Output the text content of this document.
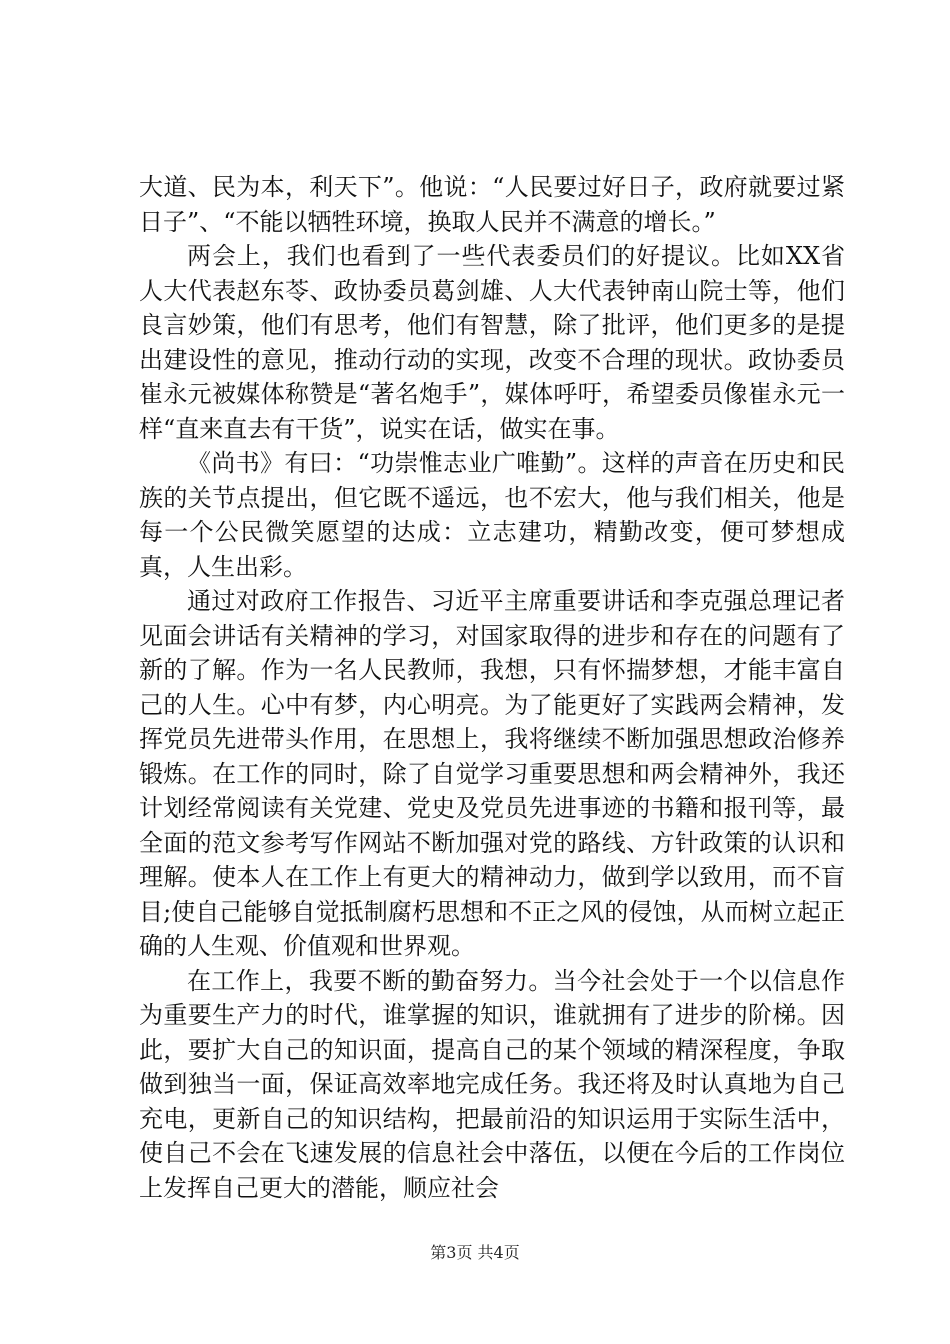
大道、民为本，利天下”。他说：“人民要过好日子，政府就要过紧日子”、“不能以牺牲环境，换取人民并不满意的增长。”

两会上，我们也看到了一些代表委员们的好提议。比如XX省人大代表赵东苓、政协委员葛剑雄、人大代表钟南山院士等，他们良言妙策，他们有思考，他们有智慧，除了批评，他们更多的是提出建设性的意见，推动行动的实现，改变不合理的现状。政协委员崔永元被媒体称赞是“著名炮手”，媒体呼吁，希望委员像崔永元一样“直来直去有干货”，说实在话，做实在事。

《尚书》有曰：“功崇惟志业广唯勤”。这样的声音在历史和民族的关节点提出，但它既不遥远，也不宏大，他与我们相关，他是每一个公民微笑愿望的达成：立志建功，精勤改变，便可梦想成真，人生出彩。

通过对政府工作报告、习近平主席重要讲话和李克强总理记者见面会讲话有关精神的学习，对国家取得的进步和存在的问题有了新的了解。作为一名人民教师，我想，只有怀揣梦想，才能丰富自己的人生。心中有梦，内心明亮。为了能更好了实践两会精神，发挥党员先进带头作用，在思想上，我将继续不断加强思想政治修养锻炼。在工作的同时，除了自觉学习重要思想和两会精神外，我还计划经常阅读有关党建、党史及党员先进事迹的书籍和报刊等，最全面的范文参考写作网站不断加强对党的路线、方针政策的认识和理解。使本人在工作上有更大的精神动力，做到学以致用，而不盲目;使自己能够自觉抵制腐朽思想和不正之风的侵蚀，从而树立起正确的人生观、价值观和世界观。

在工作上，我要不断的勤奋努力。当今社会处于一个以信息作为重要生产力的时代，谁掌握的知识，谁就拥有了进步的阶梯。因此，要扩大自己的知识面，提高自己的某个领域的精深程度，争取做到独当一面，保证高效率地完成任务。我还将及时认真地为自己充电，更新自己的知识结构，把最前沿的知识运用于实际生活中，使自己不会在飞速发展的信息社会中落伍，以便在今后的工作岗位上发挥自己更大的潜能，顺应社会

第3页 共4页
